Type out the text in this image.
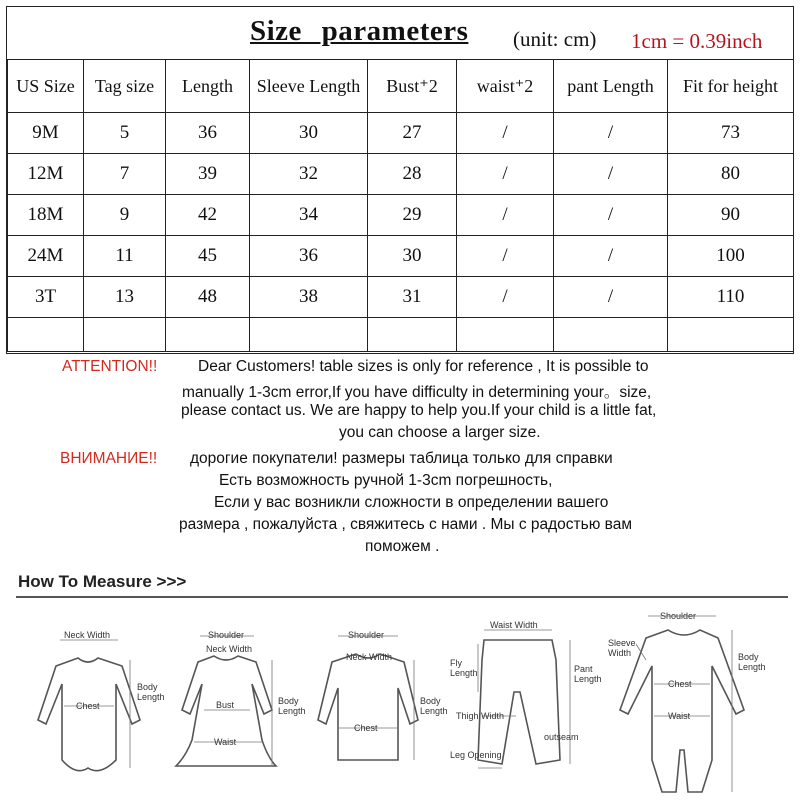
Size parameters (unit: cm) 1cm = 0.39inch
US Size	Tag size	Length	Sleeve Length	Bust⁺2	waist⁺2	pant Length	Fit for height
9M	5	36	30	27	/	/	73
12M	7	39	32	28	/	/	80
18M	9	42	34	29	/	/	90
24M	11	45	36	30	/	/	100
3T	13	48	38	31	/	/	110

ATTENTION!!	Dear Customers! table sizes is only for reference , It is possible to
manually 1-3cm error,If you have difficulty in determining your。size,
please contact us. We are happy to help you.If your child is a little fat,
you can choose a larger size.
ВНИМАНИЕ!! дорогие покупатели! размеры таблица только для справки
Есть возможность ручной 1-3cm погрешность,
Если у вас возникли сложности в определении вашего
размера , пожалуйста , свяжитесь с нами . Мы с радостью вам
поможем .
How To Measure >>>
Neck Width
Chest
Body
Length
Shoulder
Neck Width
Bust
Waist
Body
Length
Shoulder
Neck Width
Chest
Body
Length
Waist Width
Fly
Length	Pant
Length
Thigh Width
outseam
Leg Opening
Shoulder
Sleeve
Width
Chest
Waist
Body
Length
